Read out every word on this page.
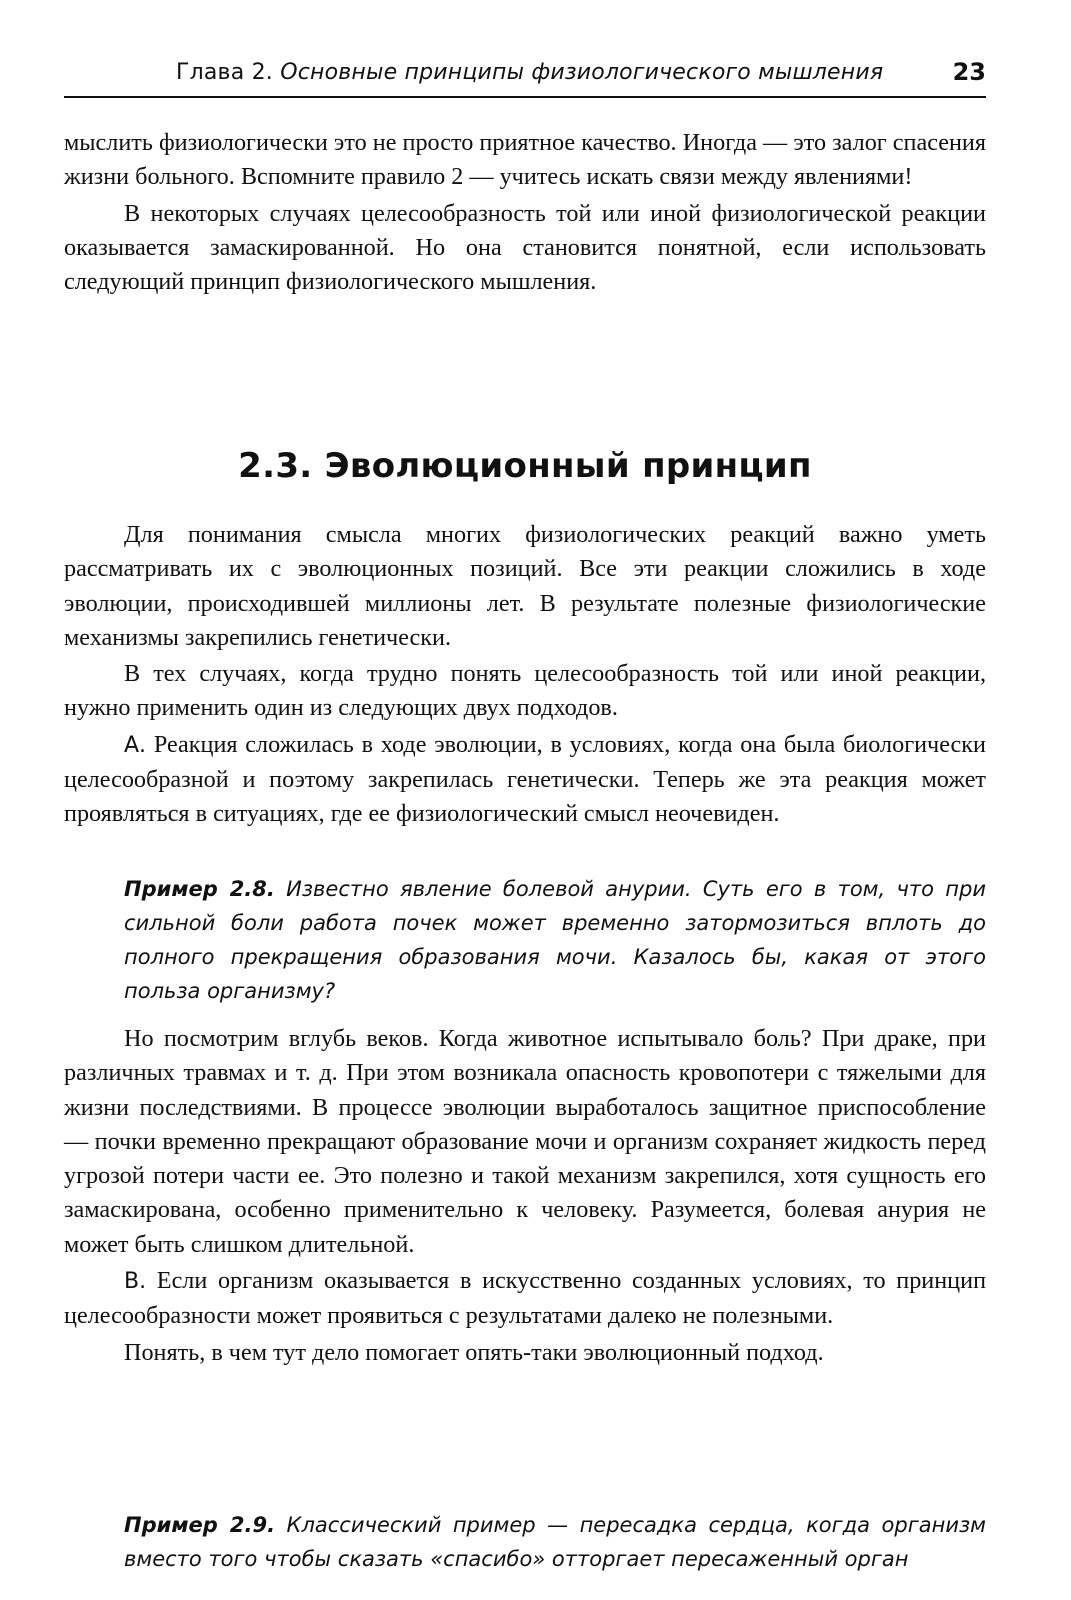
Глава 2. Основные принципы физиологического мышления	23

мыслить физиологически это не просто приятное качество. Иногда — это залог спасения жизни больного. Вспомните правило 2 — учитесь искать связи между явлениями!

В некоторых случаях целесообразность той или иной физиологической реакции оказывается замаскированной. Но она становится понятной, если использовать следующий принцип физиологического мышления.

2.3. Эволюционный принцип

Для понимания смысла многих физиологических реакций важно уметь рассматривать их с эволюционных позиций. Все эти реакции сложились в ходе эволюции, происходившей миллионы лет. В результате полезные физиологические механизмы закрепились генетически.

В тех случаях, когда трудно понять целесообразность той или иной реакции, нужно применить один из следующих двух подходов.

А. Реакция сложилась в ходе эволюции, в условиях, когда она была биологически целесообразной и поэтому закрепилась генетически. Теперь же эта реакция может проявляться в ситуациях, где ее физиологический смысл неочевиден.

Пример 2.8. Известно явление болевой анурии. Суть его в том, что при сильной боли работа почек может временно затормозиться вплоть до полного прекращения образования мочи. Казалось бы, какая от этого польза организму?

Но посмотрим вглубь веков. Когда животное испытывало боль? При драке, при различных травмах и т. д. При этом возникала опасность кровопотери с тяжелыми для жизни последствиями. В процессе эволюции выработалось защитное приспособление — почки временно прекращают образование мочи и организм сохраняет жидкость перед угрозой потери части ее. Это полезно и такой механизм закрепился, хотя сущность его замаскирована, особенно применительно к человеку. Разумеется, болевая анурия не может быть слишком длительной.

В. Если организм оказывается в искусственно созданных условиях, то принцип целесообразности может проявиться с результатами далеко не полезными.

Понять, в чем тут дело помогает опять-таки эволюционный подход.

Пример 2.9. Классический пример — пересадка сердца, когда организм вместо того чтобы сказать «спасибо» отторгает пересаженный орган
